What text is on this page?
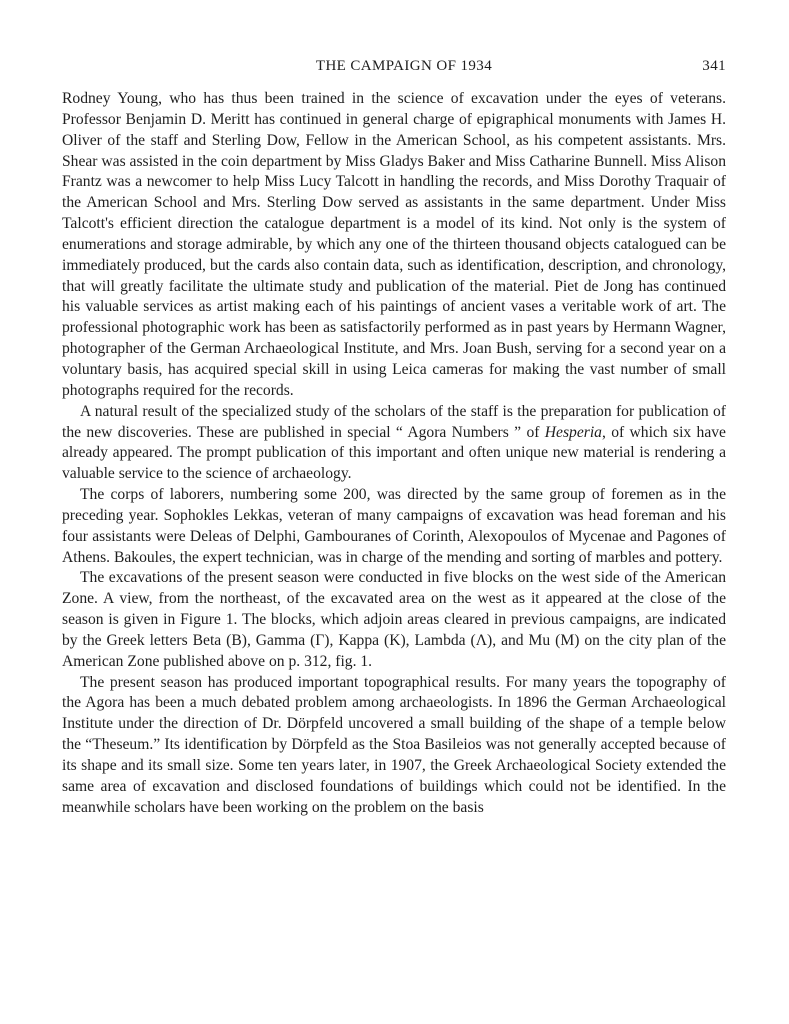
THE CAMPAIGN OF 1934	341

Rodney Young, who has thus been trained in the science of excavation under the eyes of veterans. Professor Benjamin D. Meritt has continued in general charge of epigraphical monuments with James H. Oliver of the staff and Sterling Dow, Fellow in the American School, as his competent assistants. Mrs. Shear was assisted in the coin department by Miss Gladys Baker and Miss Catharine Bunnell. Miss Alison Frantz was a newcomer to help Miss Lucy Talcott in handling the records, and Miss Dorothy Traquair of the American School and Mrs. Sterling Dow served as assistants in the same department. Under Miss Talcott's efficient direction the catalogue department is a model of its kind. Not only is the system of enumerations and storage admirable, by which any one of the thirteen thousand objects catalogued can be immediately produced, but the cards also contain data, such as identification, description, and chronology, that will greatly facilitate the ultimate study and publication of the material. Piet de Jong has continued his valuable services as artist making each of his paintings of ancient vases a veritable work of art. The professional photographic work has been as satisfactorily performed as in past years by Hermann Wagner, photographer of the German Archaeological Institute, and Mrs. Joan Bush, serving for a second year on a voluntary basis, has acquired special skill in using Leica cameras for making the vast number of small photographs required for the records.

A natural result of the specialized study of the scholars of the staff is the preparation for publication of the new discoveries. These are published in special “ Agora Numbers ” of Hesperia, of which six have already appeared. The prompt publication of this important and often unique new material is rendering a valuable service to the science of archaeology.

The corps of laborers, numbering some 200, was directed by the same group of foremen as in the preceding year. Sophokles Lekkas, veteran of many campaigns of excavation was head foreman and his four assistants were Deleas of Delphi, Gambouranes of Corinth, Alexopoulos of Mycenae and Pagones of Athens. Bakoules, the expert technician, was in charge of the mending and sorting of marbles and pottery.

The excavations of the present season were conducted in five blocks on the west side of the American Zone. A view, from the northeast, of the excavated area on the west as it appeared at the close of the season is given in Figure 1. The blocks, which adjoin areas cleared in previous campaigns, are indicated by the Greek letters Beta (B), Gamma (Γ), Kappa (K), Lambda (Λ), and Mu (M) on the city plan of the American Zone published above on p. 312, fig. 1.

The present season has produced important topographical results. For many years the topography of the Agora has been a much debated problem among archaeologists. In 1896 the German Archaeological Institute under the direction of Dr. Dörpfeld uncovered a small building of the shape of a temple below the “Theseum.” Its identification by Dörpfeld as the Stoa Basileios was not generally accepted because of its shape and its small size. Some ten years later, in 1907, the Greek Archaeological Society extended the same area of excavation and disclosed foundations of buildings which could not be identified. In the meanwhile scholars have been working on the problem on the basis
